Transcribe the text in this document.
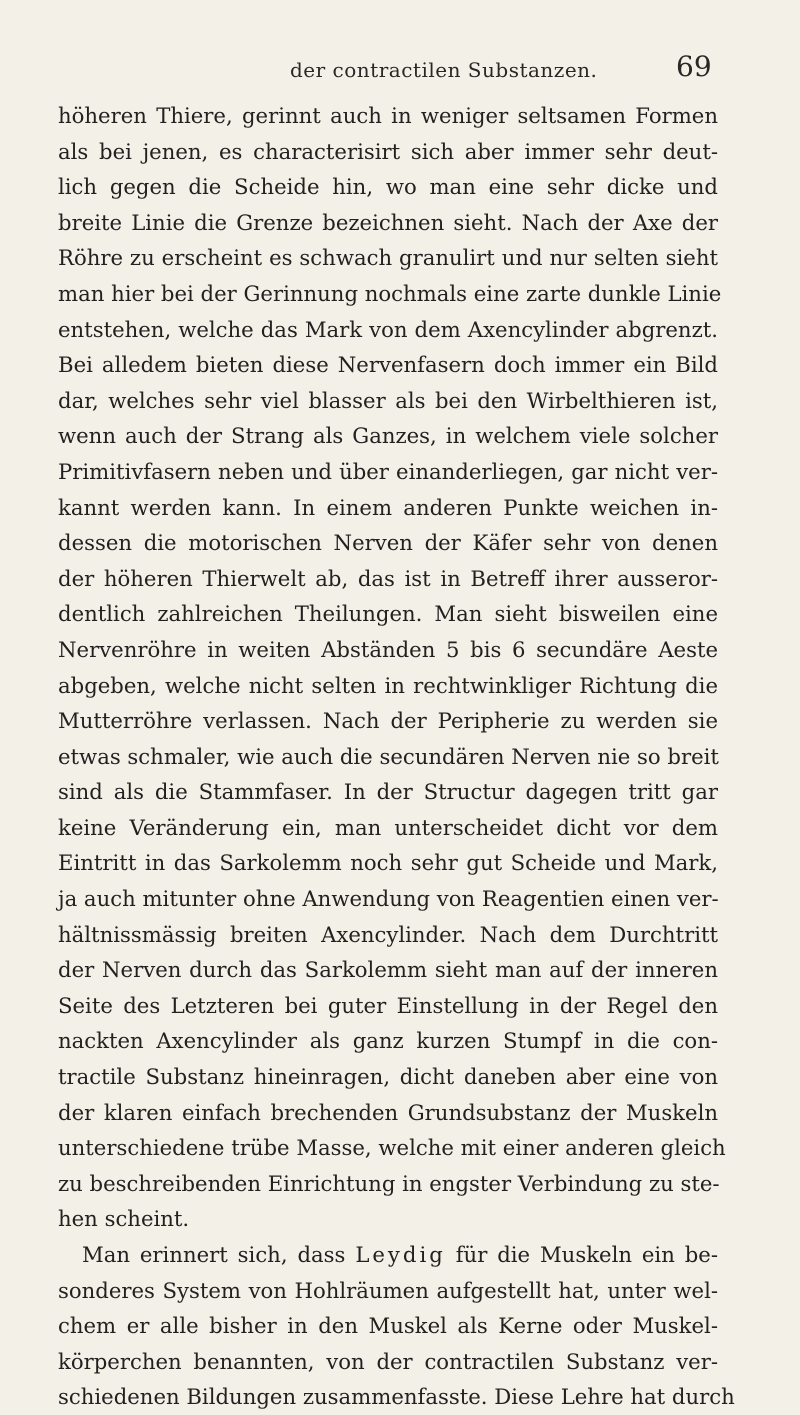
der contractilen Substanzen.	69
höheren Thiere, gerinnt auch in weniger seltsamen Formen
als bei jenen, es characterisirt sich aber immer sehr deut-
lich gegen die Scheide hin, wo man eine sehr dicke und
breite Linie die Grenze bezeichnen sieht. Nach der Axe der
Röhre zu erscheint es schwach granulirt und nur selten sieht
man hier bei der Gerinnung nochmals eine zarte dunkle Linie
entstehen, welche das Mark von dem Axencylinder abgrenzt.
Bei alledem bieten diese Nervenfasern doch immer ein Bild
dar, welches sehr viel blasser als bei den Wirbelthieren ist,
wenn auch der Strang als Ganzes, in welchem viele solcher
Primitivfasern neben und über einanderliegen, gar nicht ver-
kannt werden kann. In einem anderen Punkte weichen in-
dessen die motorischen Nerven der Käfer sehr von denen
der höheren Thierwelt ab, das ist in Betreff ihrer ausseror-
dentlich zahlreichen Theilungen. Man sieht bisweilen eine
Nervenröhre in weiten Abständen 5 bis 6 secundäre Aeste
abgeben, welche nicht selten in rechtwinkliger Richtung die
Mutterröhre verlassen. Nach der Peripherie zu werden sie
etwas schmaler, wie auch die secundären Nerven nie so breit
sind als die Stammfaser. In der Structur dagegen tritt gar
keine Veränderung ein, man unterscheidet dicht vor dem
Eintritt in das Sarkolemm noch sehr gut Scheide und Mark,
ja auch mitunter ohne Anwendung von Reagentien einen ver-
hältnissmässig breiten Axencylinder. Nach dem Durchtritt
der Nerven durch das Sarkolemm sieht man auf der inneren
Seite des Letzteren bei guter Einstellung in der Regel den
nackten Axencylinder als ganz kurzen Stumpf in die con-
tractile Substanz hineinragen, dicht daneben aber eine von
der klaren einfach brechenden Grundsubstanz der Muskeln
unterschiedene trübe Masse, welche mit einer anderen gleich
zu beschreibenden Einrichtung in engster Verbindung zu ste-
hen scheint.
Man erinnert sich, dass Leydig für die Muskeln ein be-
sonderes System von Hohlräumen aufgestellt hat, unter wel-
chem er alle bisher in den Muskel als Kerne oder Muskel-
körperchen benannten, von der contractilen Substanz ver-
schiedenen Bildungen zusammenfasste. Diese Lehre hat durch
